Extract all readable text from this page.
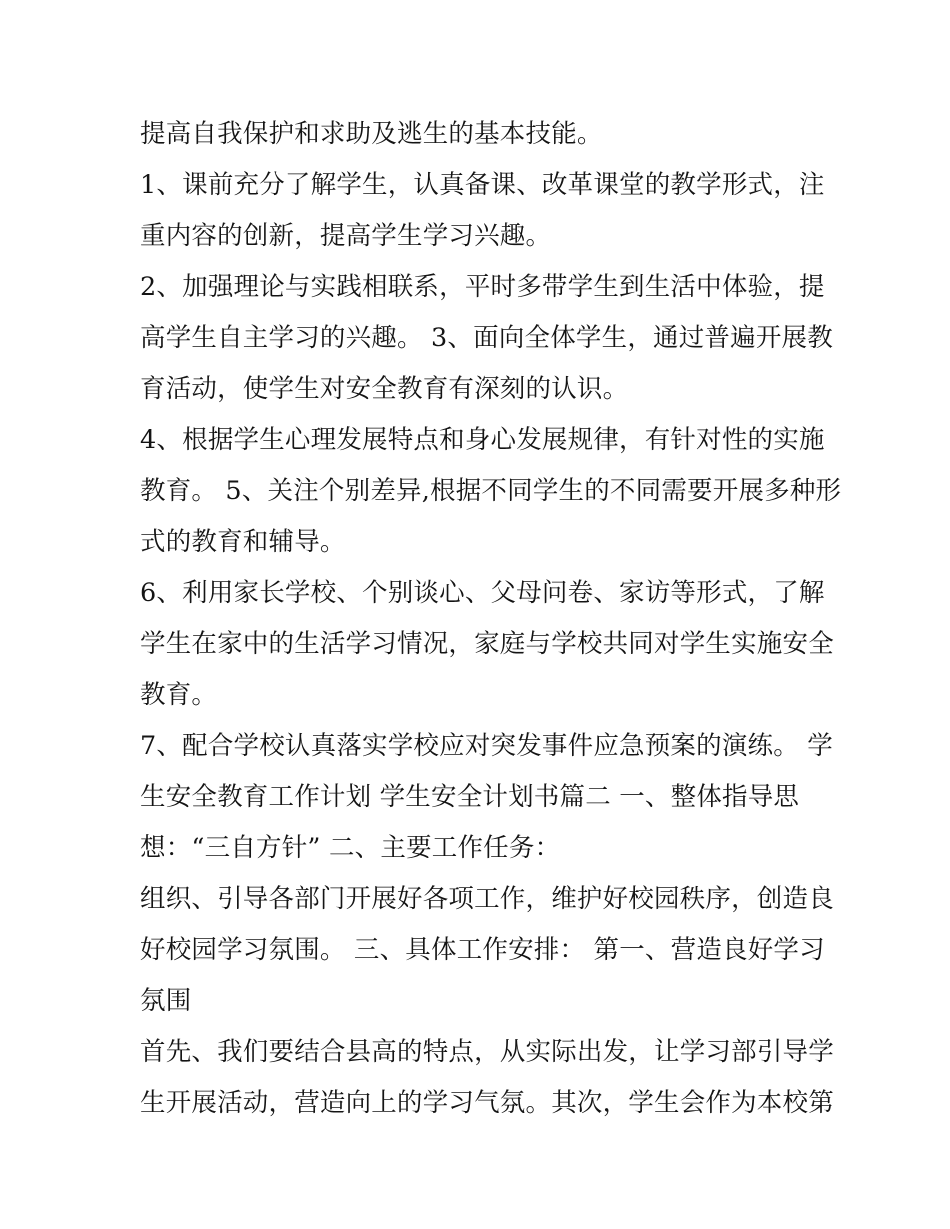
提高自我保护和求助及逃生的基本技能。
1、课前充分了解学生，认真备课、改革课堂的教学形式，注
重内容的创新，提高学生学习兴趣。
2、加强理论与实践相联系，平时多带学生到生活中体验，提
高学生自主学习的兴趣。 3、面向全体学生，通过普遍开展教
育活动，使学生对安全教育有深刻的认识。
4、根据学生心理发展特点和身心发展规律，有针对性的实施
教育。 5、关注个别差异,根据不同学生的不同需要开展多种形
式的教育和辅导。
6、利用家长学校、个别谈心、父母问卷、家访等形式，了解
学生在家中的生活学习情况，家庭与学校共同对学生实施安全
教育。
7、配合学校认真落实学校应对突发事件应急预案的演练。 学
生安全教育工作计划 学生安全计划书篇二 一、整体指导思
想：“三自方针” 二、主要工作任务：
组织、引导各部门开展好各项工作，维护好校园秩序，创造良
好校园学习氛围。 三、具体工作安排： 第一、营造良好学习
氛围
首先、我们要结合县高的特点，从实际出发，让学习部引导学
生开展活动，营造向上的学习气氛。其次，学生会作为本校第
